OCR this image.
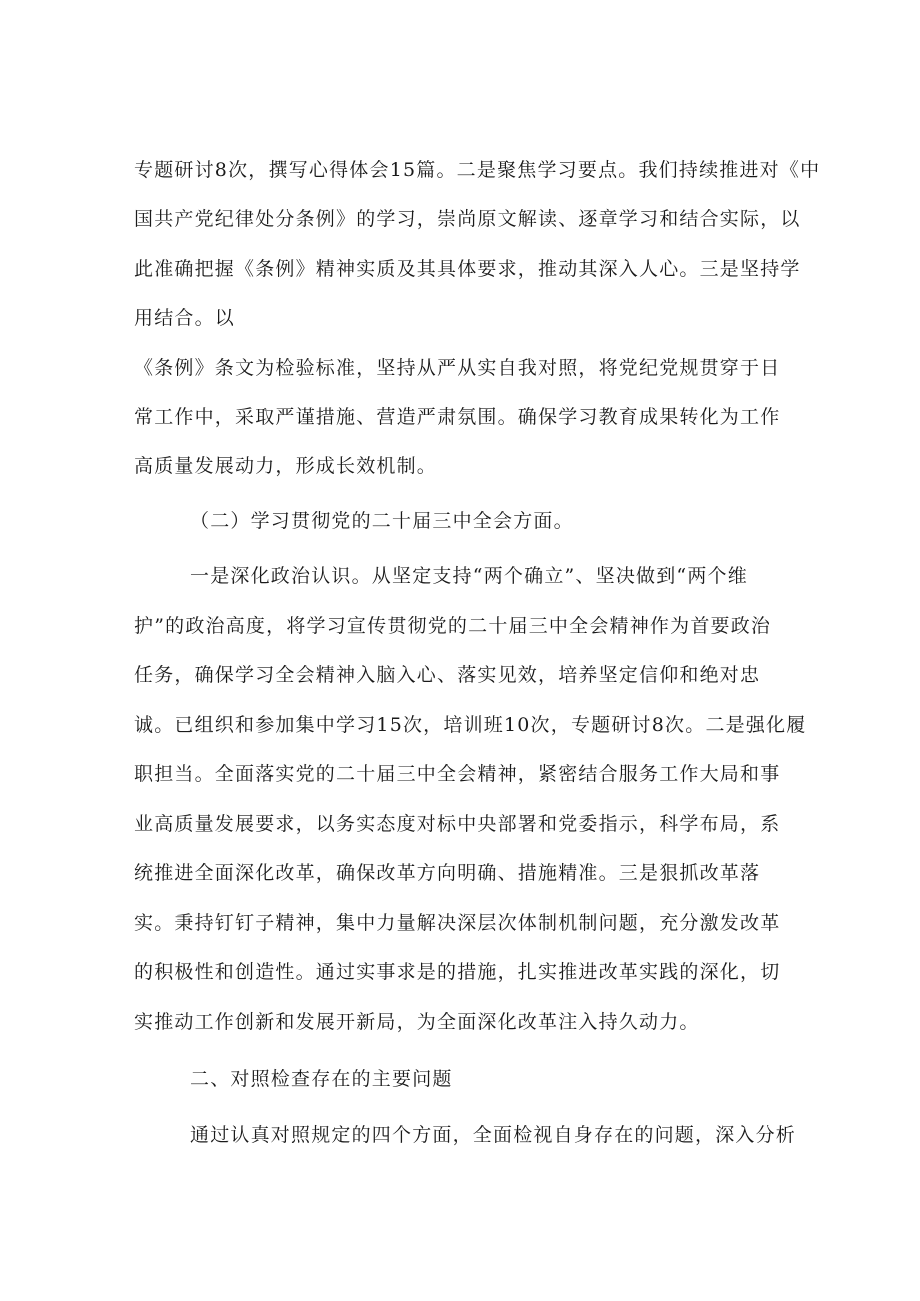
专题研讨8次，撰写心得体会15篇。二是聚焦学习要点。我们持续推进对《中

国共产党纪律处分条例》的学习，崇尚原文解读、逐章学习和结合实际，以

此准确把握《条例》精神实质及其具体要求，推动其深入人心。三是坚持学

用结合。以

《条例》条文为检验标准，坚持从严从实自我对照，将党纪党规贯穿于日

常工作中，采取严谨措施、营造严肃氛围。确保学习教育成果转化为工作

高质量发展动力，形成长效机制。

（二）学习贯彻党的二十届三中全会方面。

一是深化政治认识。从坚定支持“两个确立”、坚决做到“两个维

护”的政治高度，将学习宣传贯彻党的二十届三中全会精神作为首要政治

任务，确保学习全会精神入脑入心、落实见效，培养坚定信仰和绝对忠

诚。已组织和参加集中学习15次，培训班10次，专题研讨8次。二是强化履

职担当。全面落实党的二十届三中全会精神，紧密结合服务工作大局和事

业高质量发展要求，以务实态度对标中央部署和党委指示，科学布局，系

统推进全面深化改革，确保改革方向明确、措施精准。三是狠抓改革落

实。秉持钉钉子精神，集中力量解决深层次体制机制问题，充分激发改革

的积极性和创造性。通过实事求是的措施，扎实推进改革实践的深化，切

实推动工作创新和发展开新局，为全面深化改革注入持久动力。

二、对照检查存在的主要问题

通过认真对照规定的四个方面，全面检视自身存在的问题，深入分析
